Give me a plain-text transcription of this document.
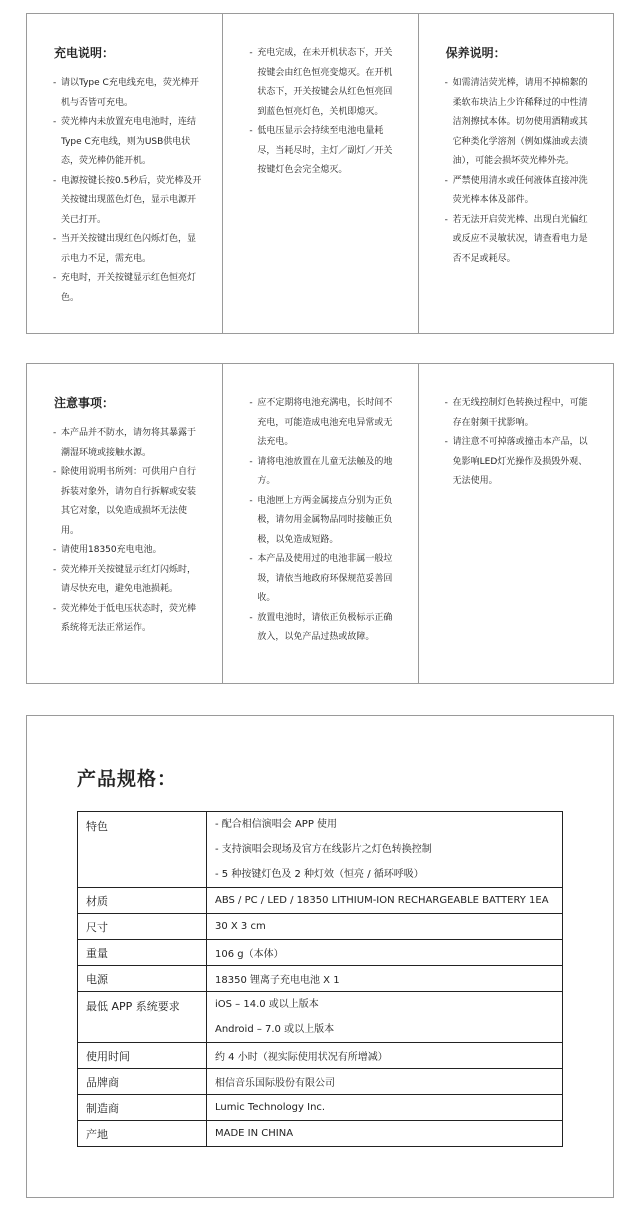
充电说明：
- 请以Type C充电线充电，荧光棒开机与否皆可充电。
- 荧光棒内未放置充电电池时，连结Type C充电线，则为USB供电状态，荧光棒仍能开机。
- 电源按键长按0.5秒后，荧光棒及开关按键出现蓝色灯色，显示电源开关已打开。
- 当开关按键出现红色闪烁灯色，显示电力不足，需充电。
- 充电时，开关按键显示红色恒亮灯色。
- 充电完成，在未开机状态下，开关按键会由红色恒亮变熄灭。在开机状态下，开关按键会从红色恒亮回到蓝色恒亮灯色，关机即熄灭。
- 低电压显示会持续至电池电量耗尽，当耗尽时，主灯／副灯／开关按键灯色会完全熄灭。
保养说明：
- 如需清洁荧光棒，请用不掉棉絮的柔软布块沾上少许稀释过的中性清洁剂擦拭本体。切勿使用酒精或其它种类化学溶剂（例如煤油或去渍油），可能会损坏荧光棒外壳。
- 严禁使用清水或任何液体直接冲洗荧光棒本体及部件。
- 若无法开启荧光棒、出现白光偏红或反应不灵敏状况，请查看电力是否不足或耗尽。
注意事项：
- 本产品并不防水，请勿将其暴露于潮湿环境或接触水源。
- 除使用说明书所列：可供用户自行拆装对象外，请勿自行拆解或安装其它对象，以免造成损坏无法使用。
- 请使用18350充电电池。
- 荧光棒开关按键显示红灯闪烁时，请尽快充电，避免电池损耗。
- 荧光棒处于低电压状态时，荧光棒系统将无法正常运作。
- 应不定期将电池充满电，长时间不充电，可能造成电池充电异常或无法充电。
- 请将电池放置在儿童无法触及的地方。
- 电池匣上方两金属接点分别为正负极，请勿用金属物品同时接触正负极，以免造成短路。
- 本产品及使用过的电池非属一般垃圾，请依当地政府环保规范妥善回收。
- 放置电池时，请依正负极标示正确放入，以免产品过热或故障。
- 在无线控制灯色转换过程中，可能存在射频干扰影响。
- 请注意不可掉落或撞击本产品，以免影响LED灯光操作及损毁外观、无法使用。
产品规格：
特色	- 配合相信演唱会 APP 使用
- 支持演唱会现场及官方在线影片之灯色转换控制
- 5 种按键灯色及 2 种灯效（恒亮 / 循环呼吸）

材质	ABS / PC / LED / 18350 LITHIUM-ION RECHARGEABLE BATTERY 1EA
尺寸	30 X 3 cm
重量	106 g（本体）
电源	18350 锂离子充电电池 X 1
最低 APP 系统要求	iOS – 14.0 或以上版本
Android – 7.0 或以上版本

使用时间	约 4 小时（视实际使用状况有所增减）
品牌商	相信音乐国际股份有限公司
制造商	Lumic Technology Inc.
产地	MADE IN CHINA
